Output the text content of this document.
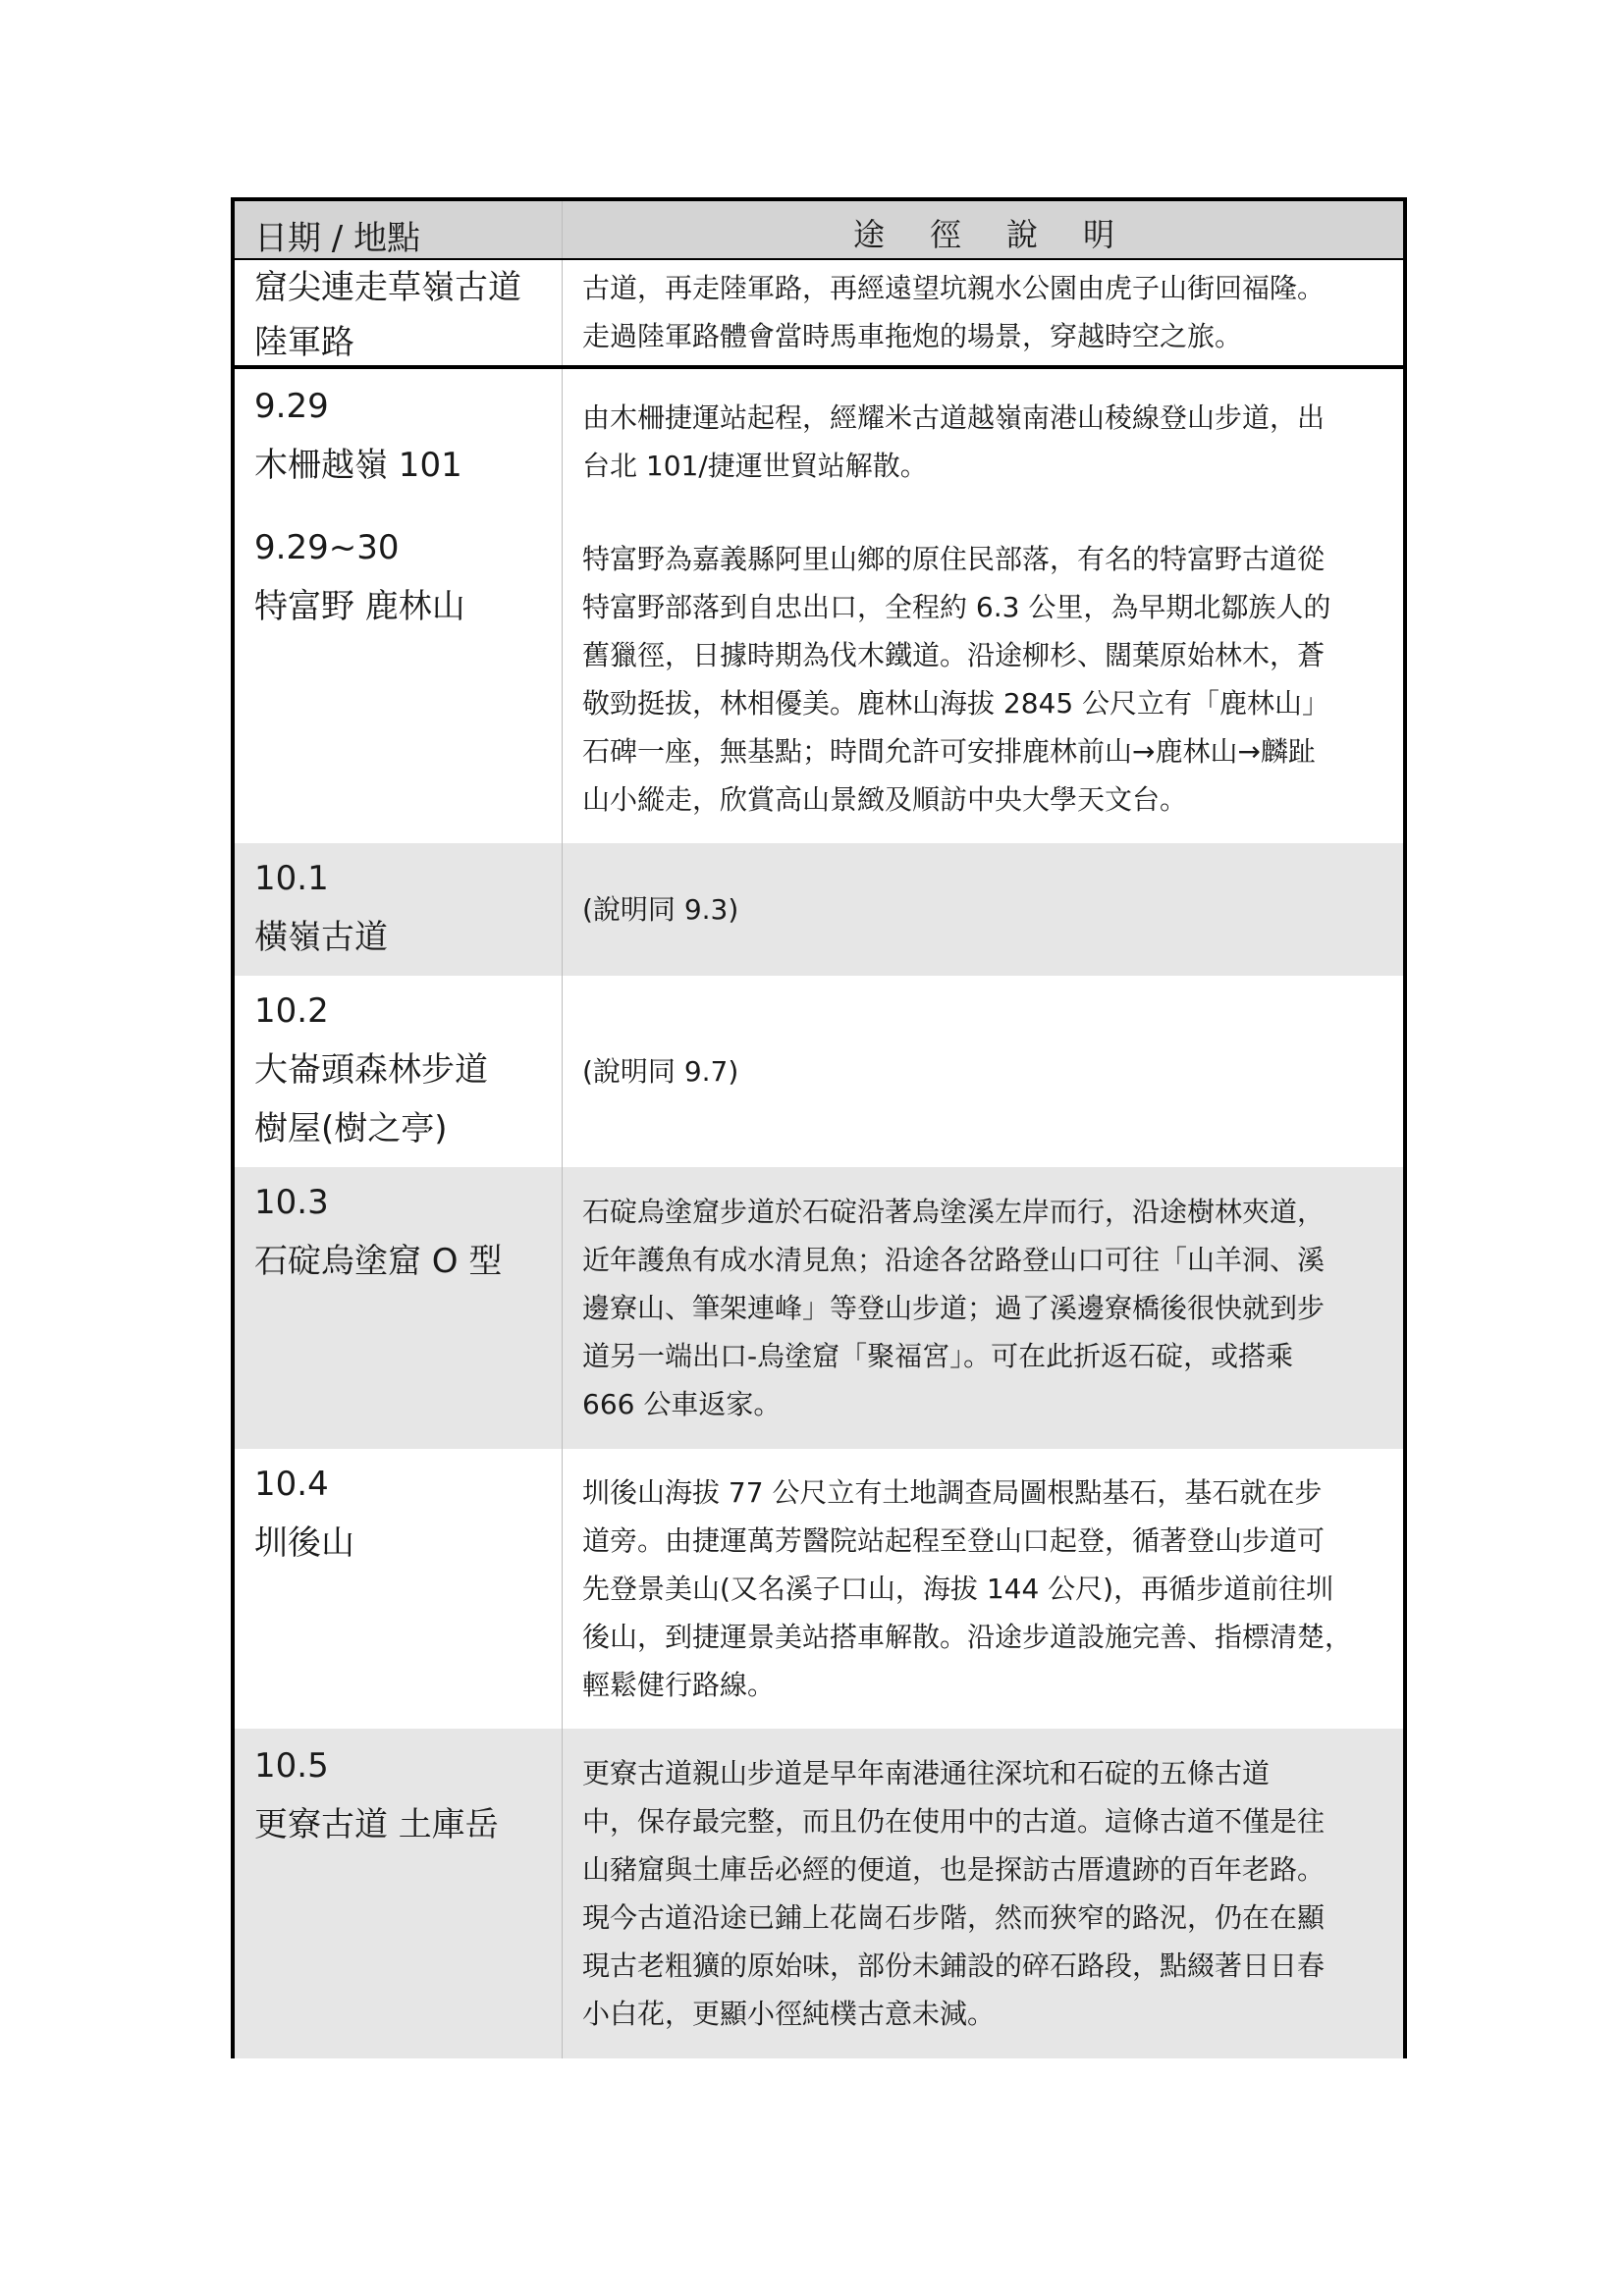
日期 / 地點	途徑說明
窟尖連走草嶺古道
陸軍路
古道，再走陸軍路，再經遠望坑親水公園由虎子山街回福隆。
走過陸軍路體會當時馬車拖炮的場景，穿越時空之旅。
9.29
木柵越嶺 101
由木柵捷運站起程，經耀米古道越嶺南港山稜線登山步道，出
台北 101/捷運世貿站解散。
9.29~30
特富野 鹿林山
特富野為嘉義縣阿里山鄉的原住民部落，有名的特富野古道從
特富野部落到自忠出口，全程約 6.3 公里，為早期北鄒族人的
舊獵徑，日據時期為伐木鐵道。沿途柳杉、闊葉原始林木，蒼
敬勁挺拔，林相優美。鹿林山海拔 2845 公尺立有「鹿林山」
石碑一座，無基點；時間允許可安排鹿林前山→鹿林山→麟趾
山小縱走，欣賞高山景緻及順訪中央大學天文台。
10.1
橫嶺古道
(說明同 9.3)
10.2
大崙頭森林步道
樹屋(樹之亭)
(說明同 9.7)
10.3
石碇烏塗窟 O 型
石碇烏塗窟步道於石碇沿著烏塗溪左岸而行，沿途樹林夾道，
近年護魚有成水清見魚；沿途各岔路登山口可往「山羊洞、溪
邊寮山、筆架連峰」等登山步道；過了溪邊寮橋後很快就到步
道另一端出口-烏塗窟「聚福宮」。可在此折返石碇，或搭乘
666 公車返家。
10.4
圳後山
圳後山海拔 77 公尺立有土地調查局圖根點基石，基石就在步
道旁。由捷運萬芳醫院站起程至登山口起登，循著登山步道可
先登景美山(又名溪子口山，海拔 144 公尺)，再循步道前往圳
後山，到捷運景美站搭車解散。沿途步道設施完善、指標清楚，
輕鬆健行路線。
10.5
更寮古道 土庫岳
更寮古道親山步道是早年南港通往深坑和石碇的五條古道
中，保存最完整，而且仍在使用中的古道。這條古道不僅是往
山豬窟與土庫岳必經的便道，也是探訪古厝遺跡的百年老路。
現今古道沿途已鋪上花崗石步階，然而狹窄的路況，仍在在顯
現古老粗獷的原始味，部份未鋪設的碎石路段，點綴著日日春
小白花，更顯小徑純樸古意未減。
